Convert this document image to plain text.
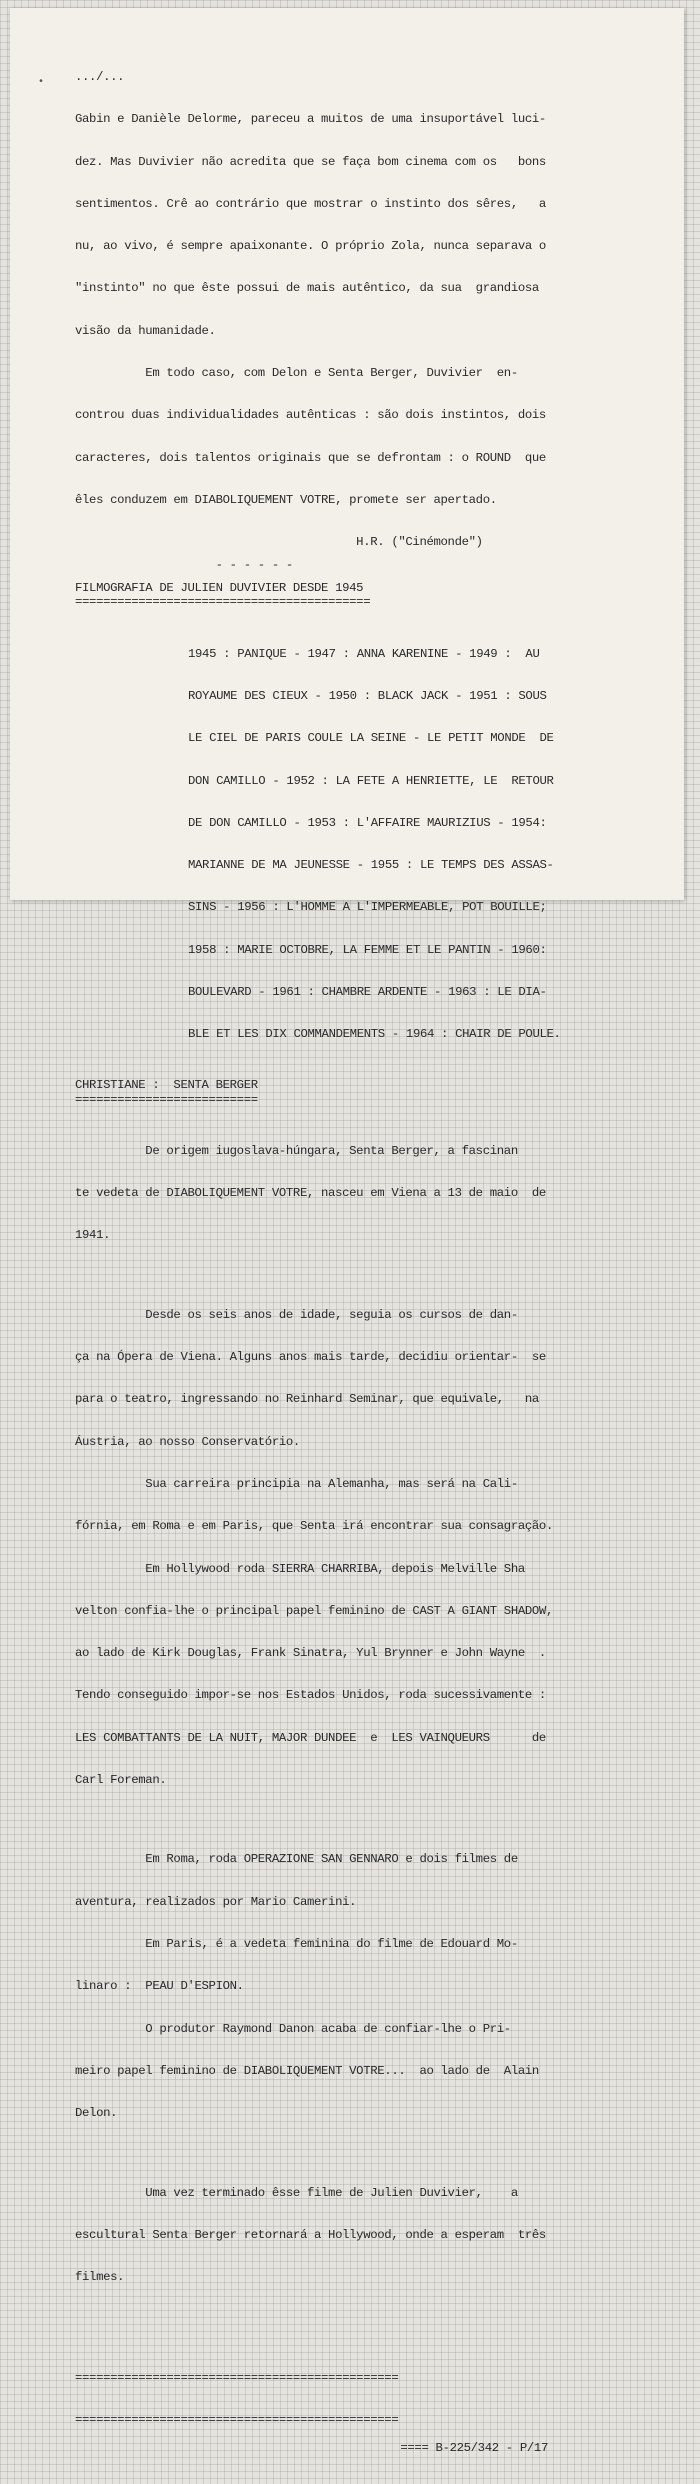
•	.../...

Gabin e Danièle Delorme, pareceu a muitos de uma insuportável luci-

dez. Mas Duvivier não acredita que se faça bom cinema com os   bons

sentimentos. Crê ao contrário que mostrar o instinto dos sêres,   a

nu, ao vivo, é sempre apaixonante. O próprio Zola, nunca separava o

"instinto" no que êste possui de mais autêntico, da sua  grandiosa

visão da humanidade.

Em todo caso, com Delon e Senta Berger, Duvivier  en-

controu duas individualidades autênticas : são dois instintos, dois

caracteres, dois talentos originais que se defrontam : o ROUND  que

êles conduzem em DIABOLIQUEMENT VOTRE, promete ser apertado.

H.R. ("Cinémonde")
- - - - - -
FILMOGRAFIA DE JULIEN DUVIVIER DESDE 1945
==========================================

1945 : PANIQUE - 1947 : ANNA KARENINE - 1949 :  AU

ROYAUME DES CIEUX - 1950 : BLACK JACK - 1951 : SOUS

LE CIEL DE PARIS COULE LA SEINE - LE PETIT MONDE  DE

DON CAMILLO - 1952 : LA FETE A HENRIETTE, LE  RETOUR

DE DON CAMILLO - 1953 : L'AFFAIRE MAURIZIUS - 1954:

MARIANNE DE MA JEUNESSE - 1955 : LE TEMPS DES ASSAS-

SINS - 1956 : L'HOMME A L'IMPERMEABLE, POT BOUILLE;

1958 : MARIE OCTOBRE, LA FEMME ET LE PANTIN - 1960:

BOULEVARD - 1961 : CHAMBRE ARDENTE - 1963 : LE DIA-

BLE ET LES DIX COMMANDEMENTS - 1964 : CHAIR DE POULE.

CHRISTIANE :  SENTA BERGER
==========================

De origem iugoslava-húngara, Senta Berger, a fascinan

te vedeta de DIABOLIQUEMENT VOTRE, nasceu em Viena a 13 de maio  de

1941.

Desde os seis anos de idade, seguia os cursos de dan-

ça na Ópera de Viena. Alguns anos mais tarde, decidiu orientar-  se

para o teatro, ingressando no Reinhard Seminar, que equivale,   na

Áustria, ao nosso Conservatório.

Sua carreira principia na Alemanha, mas será na Cali-

fórnia, em Roma e em Paris, que Senta irá encontrar sua consagração.

Em Hollywood roda SIERRA CHARRIBA, depois Melville Sha

velton confia-lhe o principal papel feminino de CAST A GIANT SHADOW,

ao lado de Kirk Douglas, Frank Sinatra, Yul Brynner e John Wayne  .

Tendo conseguido impor-se nos Estados Unidos, roda sucessivamente :

LES COMBATTANTS DE LA NUIT, MAJOR DUNDEE  e  LES VAINQUEURS      de

Carl Foreman.

Em Roma, roda OPERAZIONE SAN GENNARO e dois filmes de

aventura, realizados por Mario Camerini.

Em Paris, é a vedeta feminina do filme de Edouard Mo-

linaro :  PEAU D'ESPION.

O produtor Raymond Danon acaba de confiar-lhe o Pri-

meiro papel feminino de DIABOLIQUEMENT VOTRE...  ao lado de  Alain

Delon.

Uma vez terminado êsse filme de Julien Duvivier,    a

escultural Senta Berger retornará a Hollywood, onde a esperam  três

filmes.

==============================================

==============================================

==== B-225/342 - P/17
